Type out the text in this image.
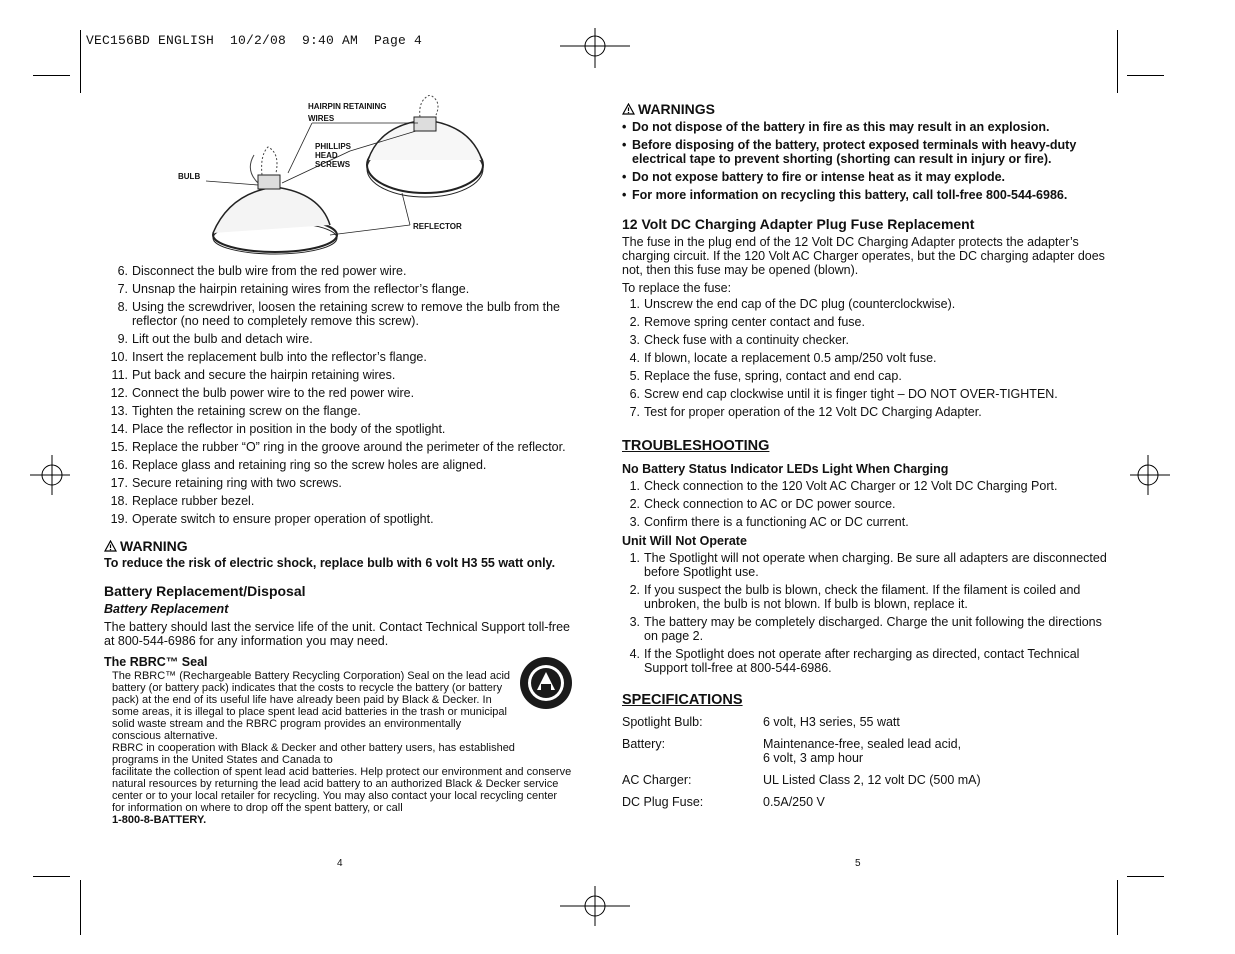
VEC156BD ENGLISH  10/2/08  9:40 AM  Page 4
HAIRPIN RETAINING
WIRES
PHILLIPS
HEAD
SCREWS
BULB
REFLECTOR
6. Disconnect the bulb wire from the red power wire.
7. Unsnap the hairpin retaining wires from the reflector’s flange.
8. Using the screwdriver, loosen the retaining screw to remove the bulb from the reflector (no need to completely remove this screw).
9. Lift out the bulb and detach wire.
10. Insert the replacement bulb into the reflector’s flange.
11. Put back and secure the hairpin retaining wires.
12. Connect the bulb power wire to the red power wire.
13. Tighten the retaining screw on the flange.
14. Place the reflector in position in the body of the spotlight.
15. Replace the rubber “O” ring in the groove around the perimeter of the reflector.
16. Replace glass and retaining ring so the screw holes are aligned.
17. Secure retaining ring with two screws.
18. Replace rubber bezel.
19. Operate switch to ensure proper operation of spotlight.
WARNING
To reduce the risk of electric shock, replace bulb with 6 volt H3 55 watt only.
Battery Replacement/Disposal
Battery Replacement
The battery should last the service life of the unit. Contact Technical Support toll-free at 800-544-6986 for any information you may need.
The RBRC™ Seal
The RBRC™ (Rechargeable Battery Recycling Corporation) Seal on the lead acid battery (or battery pack) indicates that the costs to recycle the battery (or battery pack) at the end of its useful life have already been paid by Black & Decker. In some areas, it is illegal to place spent lead acid batteries in the trash or municipal solid waste stream and the RBRC program provides an environmentally conscious alternative.
RBRC in cooperation with Black & Decker and other battery users, has established programs in the United States and Canada to
facilitate the collection of spent lead acid batteries. Help protect our environment and conserve natural resources by returning the lead acid battery to an authorized Black & Decker service center or to your local retailer for recycling. You may also contact your local recycling center for information on where to drop off the spent battery, or call
1-800-8-BATTERY.
4
WARNINGS
• Do not dispose of the battery in fire as this may result in an explosion.
• Before disposing of the battery, protect exposed terminals with heavy-duty electrical tape to prevent shorting (shorting can result in injury or fire).
• Do not expose battery to fire or intense heat as it may explode.
• For more information on recycling this battery, call toll-free 800-544-6986.
12 Volt DC Charging Adapter Plug Fuse Replacement
The fuse in the plug end of the 12 Volt DC Charging Adapter protects the adapter’s charging circuit. If the 120 Volt AC Charger operates, but the DC charging adapter does not, then this fuse may be opened (blown).
To replace the fuse:
1. Unscrew the end cap of the DC plug (counterclockwise).
2. Remove spring center contact and fuse.
3. Check fuse with a continuity checker.
4. If blown, locate a replacement 0.5 amp/250 volt fuse.
5. Replace the fuse, spring, contact and end cap.
6. Screw end cap clockwise until it is finger tight – DO NOT OVER-TIGHTEN.
7. Test for proper operation of the 12 Volt DC Charging Adapter.
TROUBLESHOOTING
No Battery Status Indicator LEDs Light When Charging
1. Check connection to the 120 Volt AC Charger or 12 Volt DC Charging Port.
2. Check connection to AC or DC power source.
3. Confirm there is a functioning AC or DC current.
Unit Will Not Operate
1. The Spotlight will not operate when charging. Be sure all adapters are disconnected before Spotlight use.
2. If you suspect the bulb is blown, check the filament. If the filament is coiled and unbroken, the bulb is not blown. If bulb is blown, replace it.
3. The battery may be completely discharged. Charge the unit following the directions on page 2.
4. If the Spotlight does not operate after recharging as directed, contact Technical Support toll-free at 800-544-6986.
SPECIFICATIONS
Spotlight Bulb:	6 volt, H3 series, 55 watt
Battery:	Maintenance-free, sealed lead acid,
6 volt, 3 amp hour
AC Charger:	UL Listed Class 2, 12 volt DC (500 mA)
DC Plug Fuse:	0.5A/250 V
5
